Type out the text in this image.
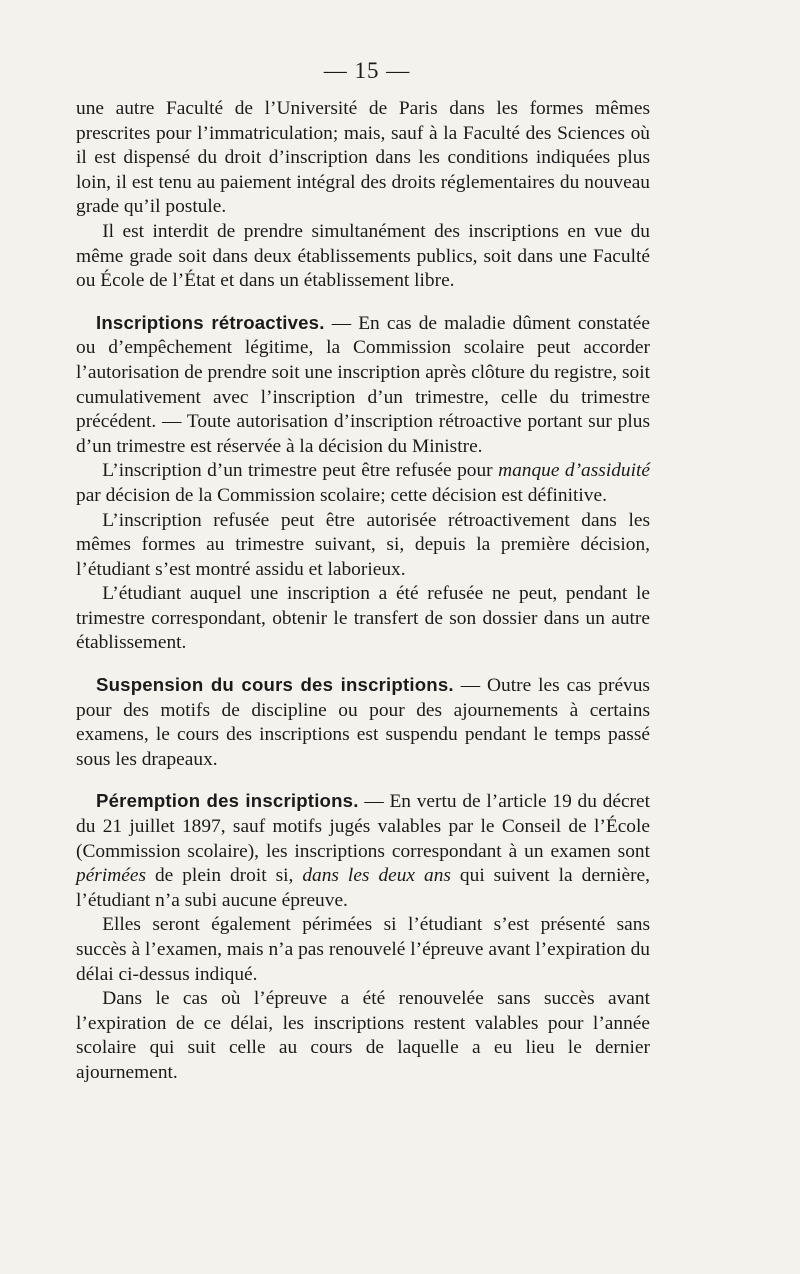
— 15 —

une autre Faculté de l’Université de Paris dans les formes mêmes prescrites pour l’immatriculation; mais, sauf à la Faculté des Sciences où il est dispensé du droit d’inscription dans les conditions indiquées plus loin, il est tenu au paiement intégral des droits réglementaires du nouveau grade qu’il postule.

Il est interdit de prendre simultanément des inscriptions en vue du même grade soit dans deux établissements publics, soit dans une Faculté ou École de l’État et dans un établissement libre.

Inscriptions rétroactives. — En cas de maladie dûment constatée ou d’empêchement légitime, la Commission scolaire peut accorder l’autorisation de prendre soit une inscription après clôture du registre, soit cumulativement avec l’inscription d’un trimestre, celle du trimestre précédent. — Toute autorisation d’inscription rétroactive portant sur plus d’un trimestre est réservée à la décision du Ministre.

L’inscription d’un trimestre peut être refusée pour manque d’assiduité par décision de la Commission scolaire; cette décision est définitive.

L’inscription refusée peut être autorisée rétroactivement dans les mêmes formes au trimestre suivant, si, depuis la première décision, l’étudiant s’est montré assidu et laborieux.

L’étudiant auquel une inscription a été refusée ne peut, pendant le trimestre correspondant, obtenir le transfert de son dossier dans un autre établissement.

Suspension du cours des inscriptions. — Outre les cas prévus pour des motifs de discipline ou pour des ajournements à certains examens, le cours des inscriptions est suspendu pendant le temps passé sous les drapeaux.

Péremption des inscriptions. — En vertu de l’article 19 du décret du 21 juillet 1897, sauf motifs jugés valables par le Conseil de l’École (Commission scolaire), les inscriptions correspondant à un examen sont périmées de plein droit si, dans les deux ans qui suivent la dernière, l’étudiant n’a subi aucune épreuve.

Elles seront également périmées si l’étudiant s’est présenté sans succès à l’examen, mais n’a pas renouvelé l’épreuve avant l’expiration du délai ci-dessus indiqué.

Dans le cas où l’épreuve a été renouvelée sans succès avant l’expiration de ce délai, les inscriptions restent valables pour l’année scolaire qui suit celle au cours de laquelle a eu lieu le dernier ajournement.
